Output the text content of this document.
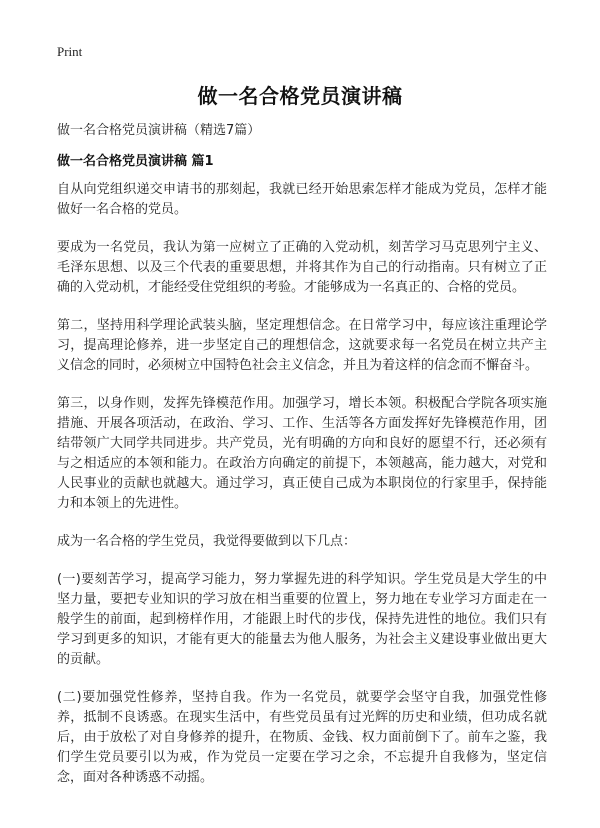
Print
做一名合格党员演讲稿
做一名合格党员演讲稿（精选7篇）
做一名合格党员演讲稿 篇1

自从向党组织递交申请书的那刻起，我就已经开始思索怎样才能成为党员，怎样才能做好一名合格的党员。

要成为一名党员，我认为第一应树立了正确的入党动机，刻苦学习马克思列宁主义、毛泽东思想、以及三个代表的重要思想，并将其作为自己的行动指南。只有树立了正确的入党动机，才能经受住党组织的考验。才能够成为一名真正的、合格的党员。

第二，坚持用科学理论武装头脑，坚定理想信念。在日常学习中，每应该注重理论学习，提高理论修养，进一步坚定自己的理想信念，这就要求每一名党员在树立共产主义信念的同时，必须树立中国特色社会主义信念，并且为着这样的信念而不懈奋斗。

第三，以身作则，发挥先锋模范作用。加强学习，增长本领。积极配合学院各项实施措施、开展各项活动，在政治、学习、工作、生活等各方面发挥好先锋模范作用，团结带领广大同学共同进步。共产党员，光有明确的方向和良好的愿望不行，还必须有与之相适应的本领和能力。在政治方向确定的前提下，本领越高，能力越大，对党和人民事业的贡献也就越大。通过学习，真正使自己成为本职岗位的行家里手，保持能力和本领上的先进性。

成为一名合格的学生党员，我觉得要做到以下几点：

(一)要刻苦学习，提高学习能力，努力掌握先进的科学知识。学生党员是大学生的中坚力量，要把专业知识的学习放在相当重要的位置上，努力地在专业学习方面走在一般学生的前面，起到榜样作用，才能跟上时代的步伐，保持先进性的地位。我们只有学习到更多的知识，才能有更大的能量去为他人服务，为社会主义建设事业做出更大的贡献。

(二)要加强党性修养，坚持自我。作为一名党员，就要学会坚守自我，加强党性修养，抵制不良诱惑。在现实生活中，有些党员虽有过光辉的历史和业绩，但功成名就后，由于放松了对自身修养的提升，在物质、金钱、权力面前倒下了。前车之鉴，我们学生党员要引以为戒，作为党员一定要在学习之余，不忘提升自我修为，坚定信念，面对各种诱惑不动摇。
